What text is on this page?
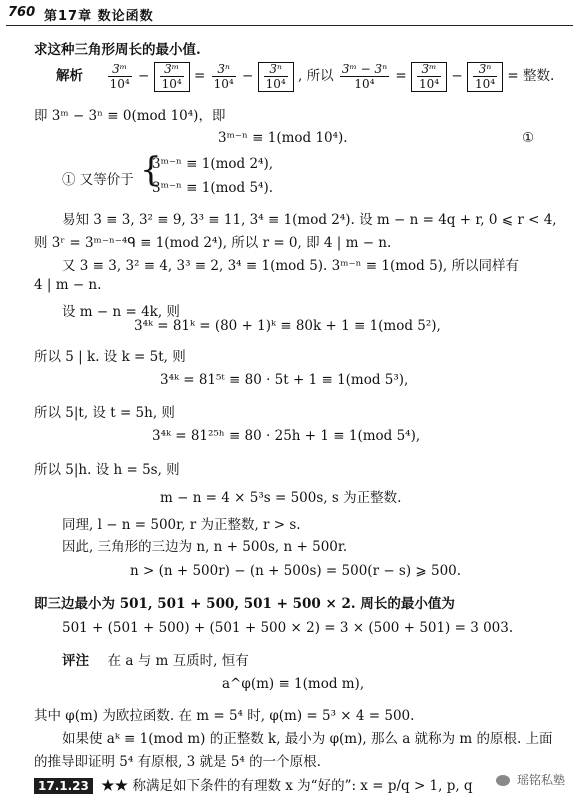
760 第17章 数论函数
求这种三角形周长的最小值.
解析 $\frac{\text{3ᵐ}}{\text{10⁴}} - \frac{\text{3ᵐ}}{\text{10⁴}} = \frac{\text{3ⁿ}}{\text{10⁴}} - \frac{\text{3ⁿ}}{\text{10⁴}}$ , 所以 $\frac{\text{3ᵐ − 3ⁿ}}{\text{10⁴}} = \frac{\text{3ᵐ}}{\text{10⁴}} - \frac{\text{3ⁿ}}{\text{10⁴}}$ = 整数.
即 3ᵐ − 3ⁿ ≡ 0(mod 10⁴)，即
3ᵐ⁻ⁿ ≡ 1(mod 10⁴).	①
① 又等价于 {
3ᵐ⁻ⁿ ≡ 1(mod 2⁴),
3ᵐ⁻ⁿ ≡ 1(mod 5⁴).
易知 3 ≡ 3, 3² ≡ 9, 3³ ≡ 11, 3⁴ ≡ 1(mod 2⁴). 设 m − n = 4q + r, 0 ⩽ r < 4,
则 3ʳ = 3ᵐ⁻ⁿ⁻⁴ᑫ ≡ 1(mod 2⁴), 所以 r = 0, 即 4 | m − n.
又 3 ≡ 3, 3² ≡ 4, 3³ ≡ 2, 3⁴ ≡ 1(mod 5). 3ᵐ⁻ⁿ ≡ 1(mod 5), 所以同样有
4 | m − n.
设 m − n = 4k, 则
3⁴ᵏ = 81ᵏ = (80 + 1)ᵏ ≡ 80k + 1 ≡ 1(mod 5²),
所以 5 | k. 设 k = 5t, 则
3⁴ᵏ = 81⁵ᵗ ≡ 80 · 5t + 1 ≡ 1(mod 5³),
所以 5|t, 设 t = 5h, 则
3⁴ᵏ = 81²⁵ʰ ≡ 80 · 25h + 1 ≡ 1(mod 5⁴),
所以 5|h. 设 h = 5s, 则
m − n = 4 × 5³s = 500s, s 为正整数.
同理, l − n = 500r, r 为正整数, r > s.
因此, 三角形的三边为 n, n + 500s, n + 500r.
n > (n + 500r) − (n + 500s) = 500(r − s) ⩾ 500.
即三边最小为 501, 501 + 500, 501 + 500 × 2. 周长的最小值为
501 + (501 + 500) + (501 + 500 × 2) = 3 × (500 + 501) = 3 003.
评注 在 a 与 m 互质时, 恒有
a^φ(m) ≡ 1(mod m),
其中 φ(m) 为欧拉函数. 在 m = 5⁴ 时, φ(m) = 5³ × 4 = 500.
如果使 aᵏ ≡ 1(mod m) 的正整数 k, 最小为 φ(m), 那么 a 就称为 m 的原根. 上面
的推导即证明 5⁴ 有原根, 3 就是 5⁴ 的一个原根.
17.1.23 ★★ 称满足如下条件的有理数 x 为“好的”: x = p/q > 1, p, q	瑶铭私塾
